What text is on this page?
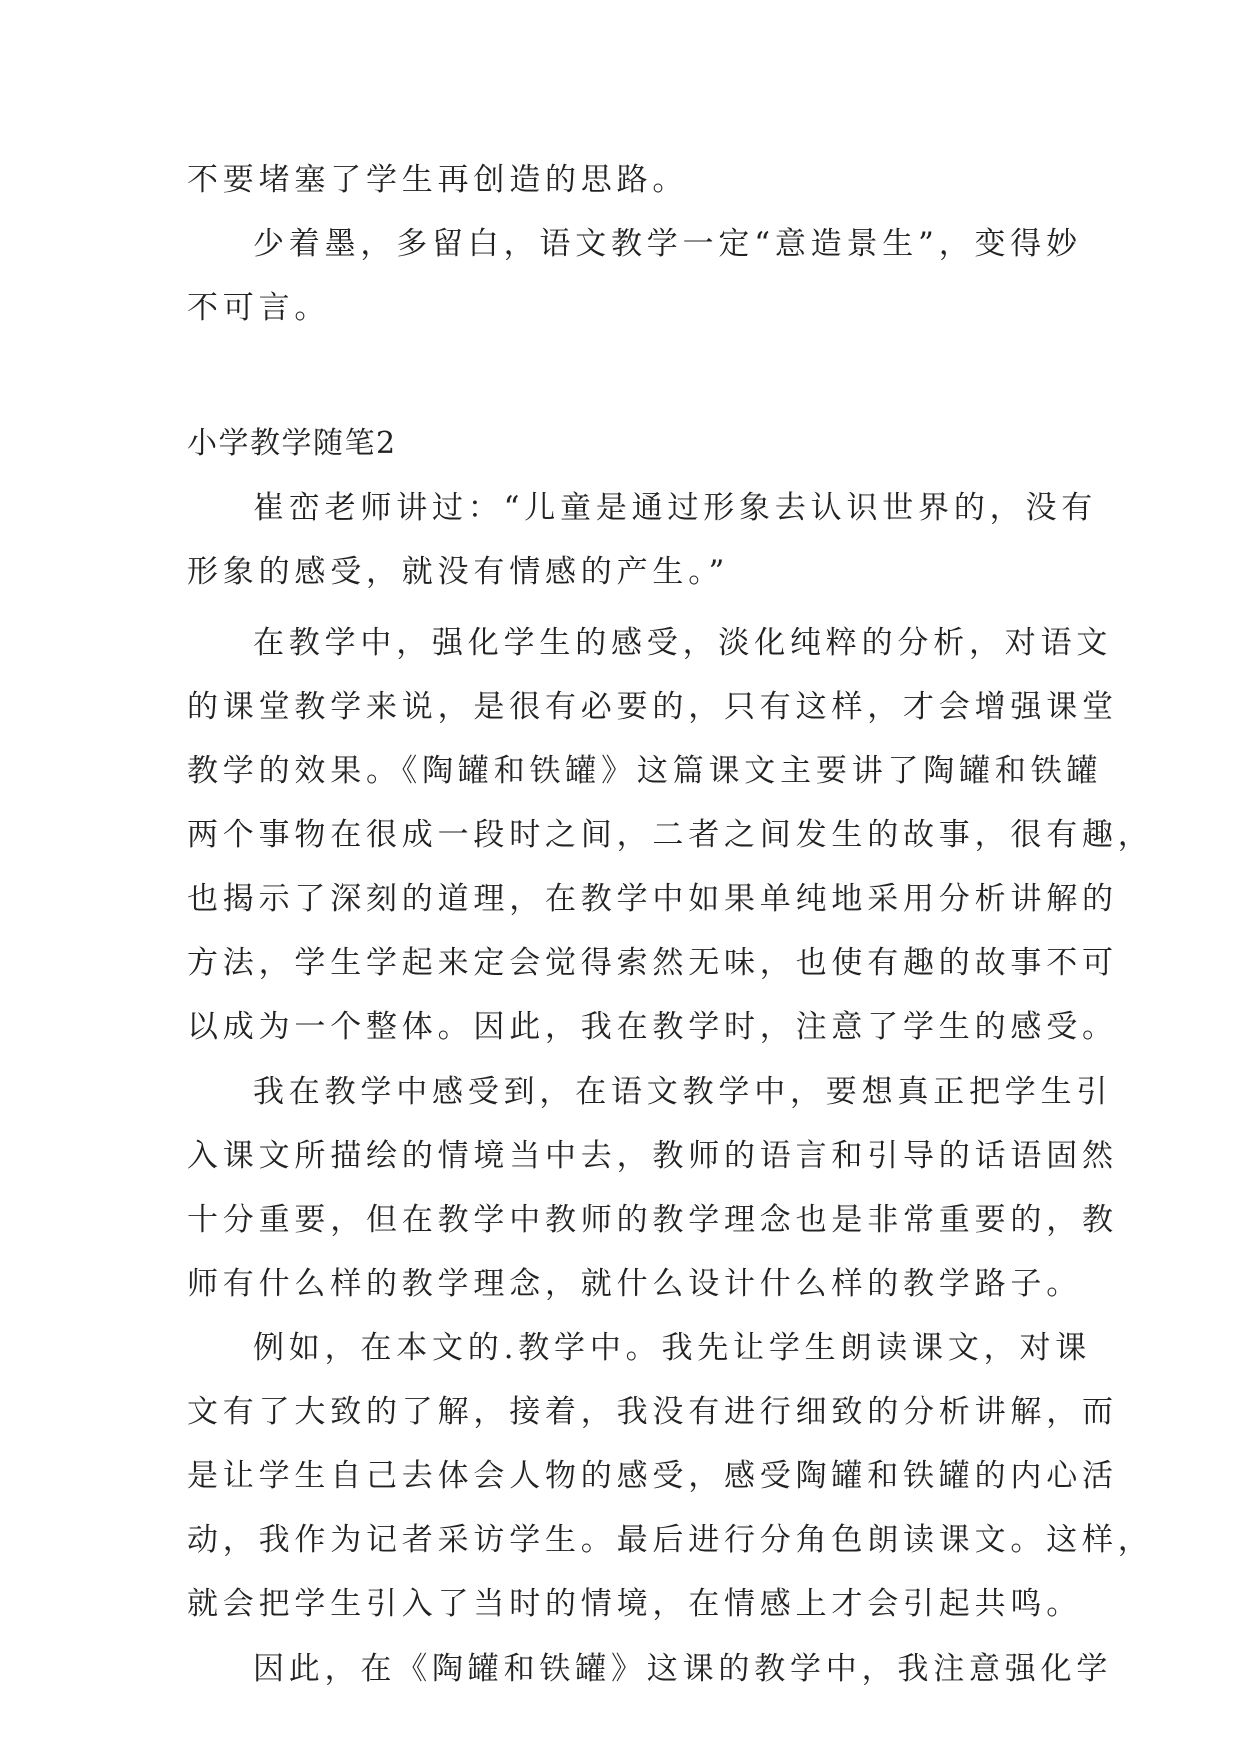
不要堵塞了学生再创造的思路。
少着墨，多留白，语文教学一定“意造景生”，变得妙
不可言。
小学教学随笔2
崔峦老师讲过：“儿童是通过形象去认识世界的，没有
形象的感受，就没有情感的产生。”
在教学中，强化学生的感受，淡化纯粹的分析，对语文
的课堂教学来说，是很有必要的，只有这样，才会增强课堂
教学的效果。《陶罐和铁罐》这篇课文主要讲了陶罐和铁罐
两个事物在很成一段时之间，二者之间发生的故事，很有趣，
也揭示了深刻的道理，在教学中如果单纯地采用分析讲解的
方法，学生学起来定会觉得索然无味，也使有趣的故事不可
以成为一个整体。因此，我在教学时，注意了学生的感受。
我在教学中感受到，在语文教学中，要想真正把学生引
入课文所描绘的情境当中去，教师的语言和引导的话语固然
十分重要，但在教学中教师的教学理念也是非常重要的，教
师有什么样的教学理念，就什么设计什么样的教学路子。
例如，在本文的.教学中。我先让学生朗读课文，对课
文有了大致的了解，接着，我没有进行细致的分析讲解，而
是让学生自己去体会人物的感受，感受陶罐和铁罐的内心活
动，我作为记者采访学生。最后进行分角色朗读课文。这样，
就会把学生引入了当时的情境，在情感上才会引起共鸣。
因此，在《陶罐和铁罐》这课的教学中，我注意强化学
